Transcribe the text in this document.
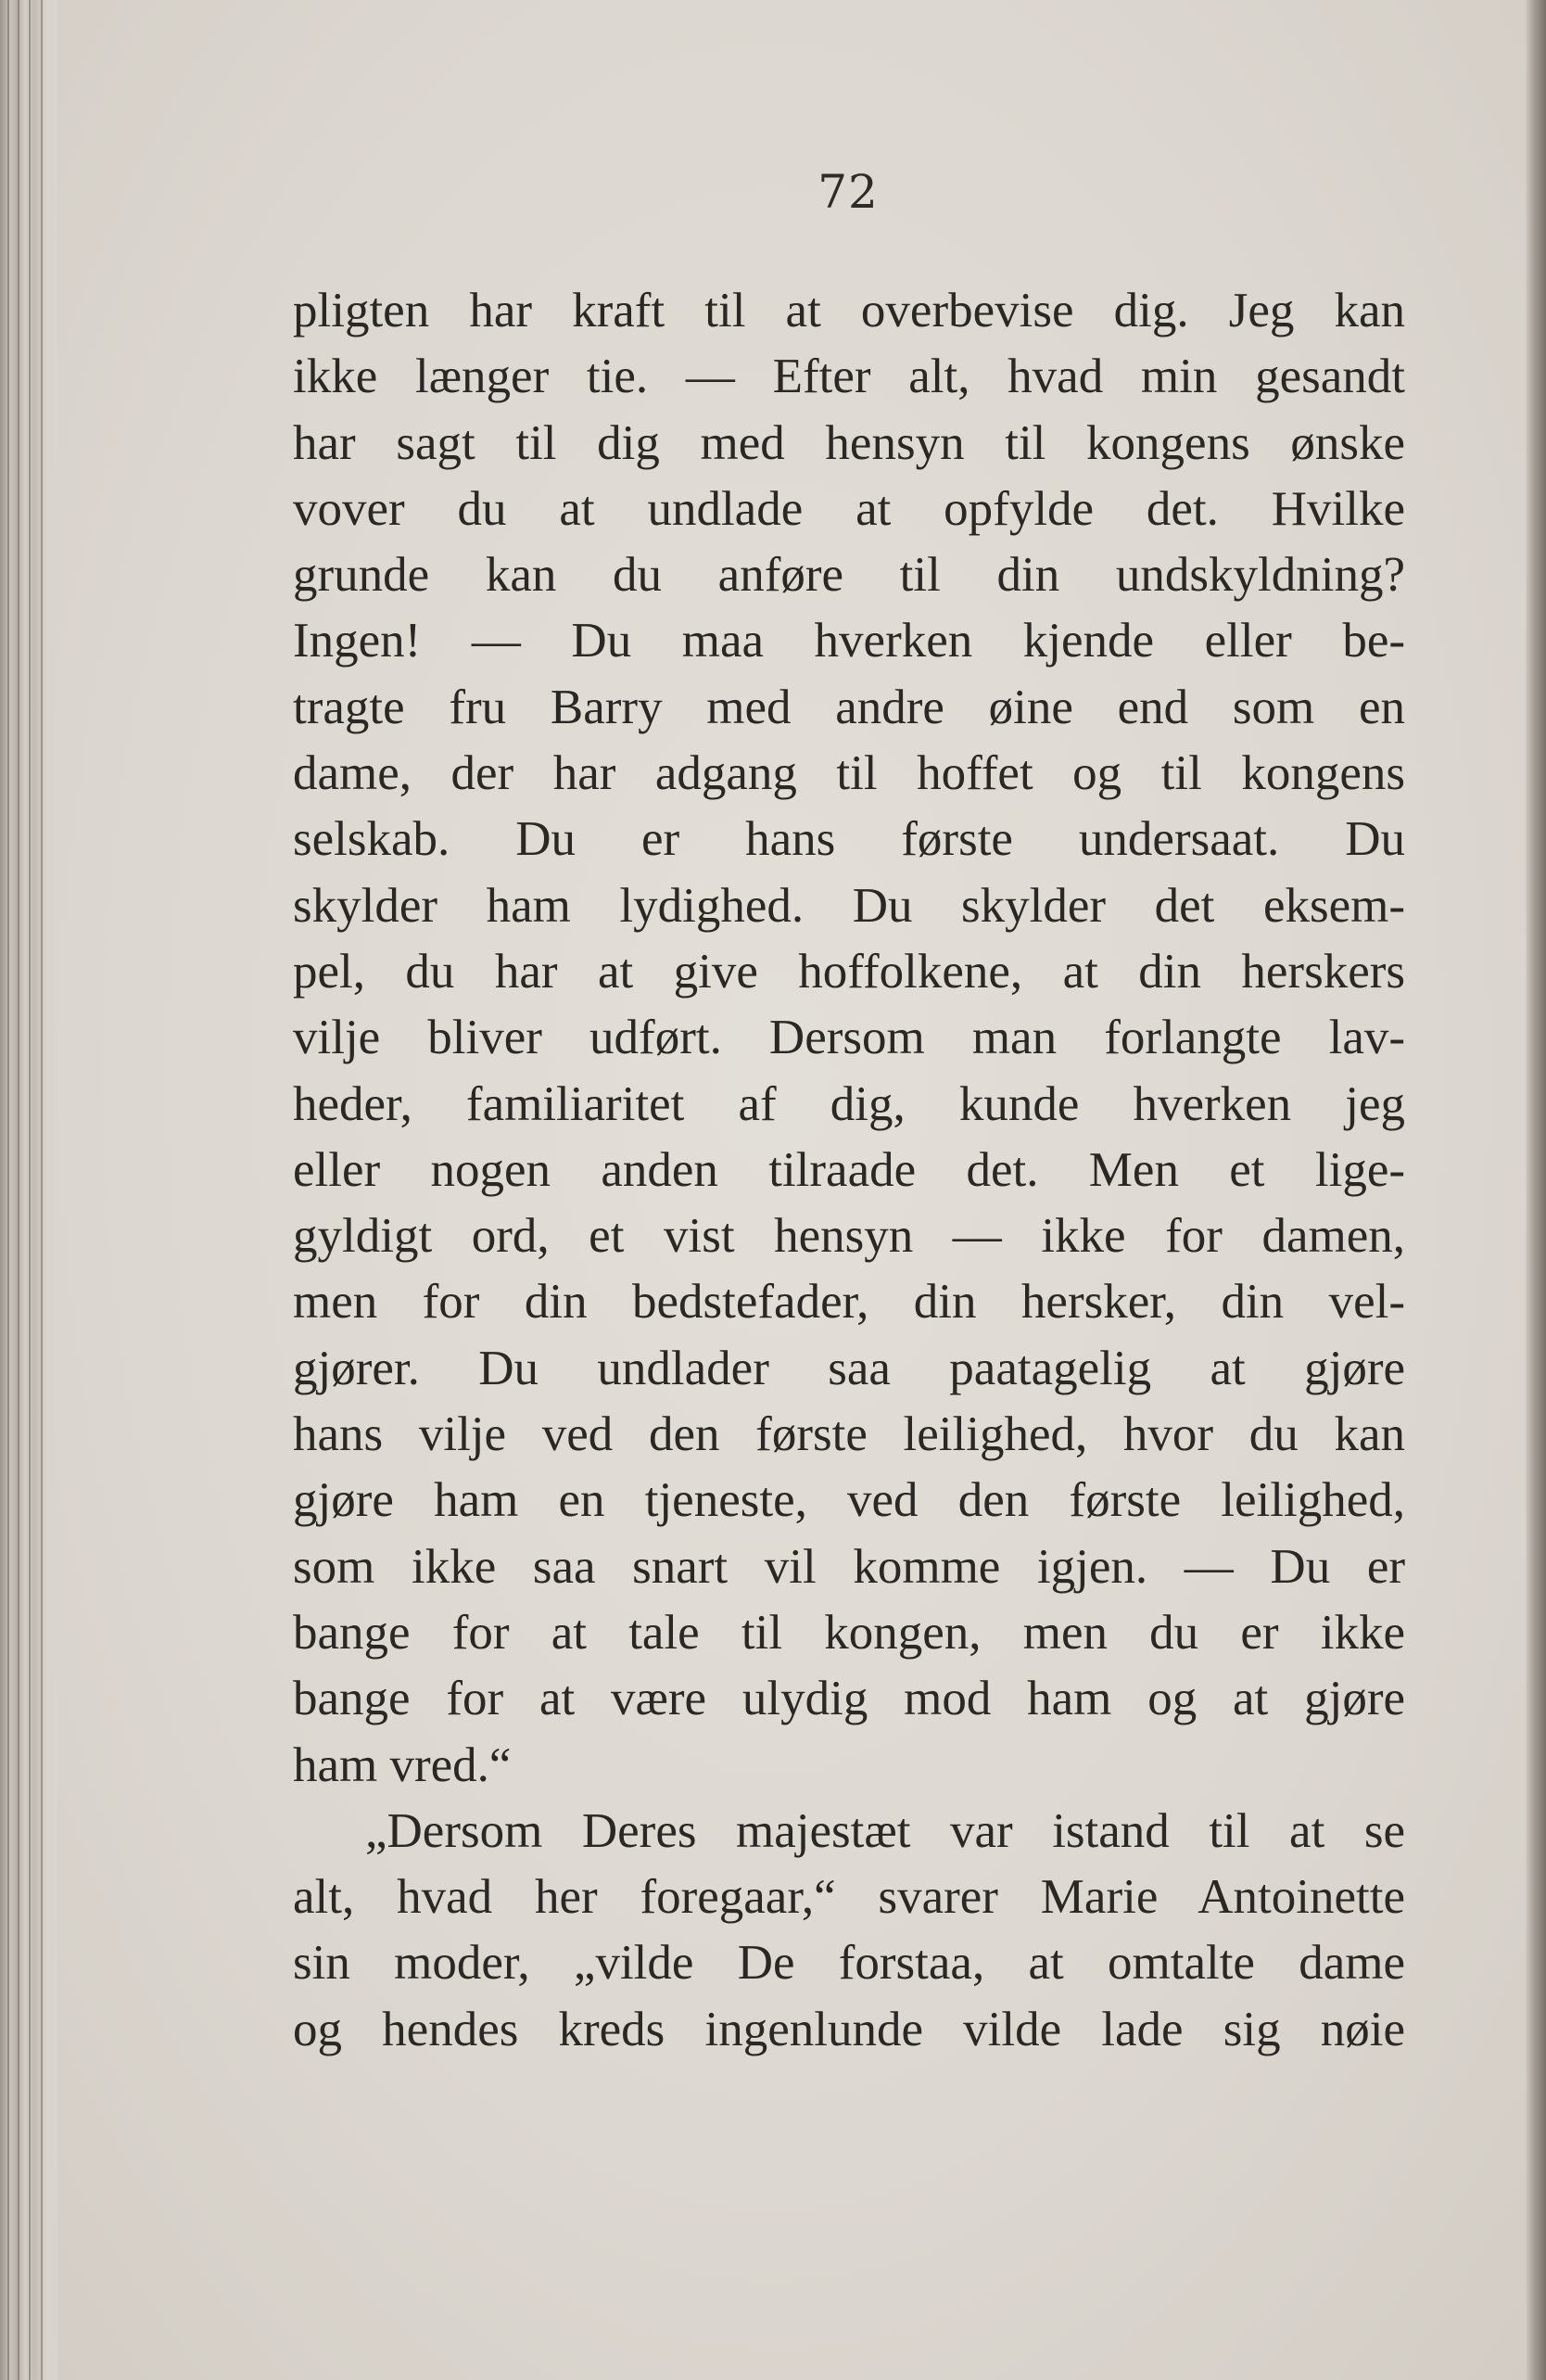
72
pligten har kraft til at overbevise dig. Jeg kan
ikke længer tie. — Efter alt, hvad min gesandt
har sagt til dig med hensyn til kongens ønske
vover du at undlade at opfylde det. Hvilke
grunde kan du anføre til din undskyldning?
Ingen! — Du maa hverken kjende eller be-
tragte fru Barry med andre øine end som en
dame, der har adgang til hoffet og til kongens
selskab. Du er hans første undersaat. Du
skylder ham lydighed. Du skylder det eksem-
pel, du har at give hoffolkene, at din herskers
vilje bliver udført. Dersom man forlangte lav-
heder, familiaritet af dig, kunde hverken jeg
eller nogen anden tilraade det. Men et lige-
gyldigt ord, et vist hensyn — ikke for damen,
men for din bedstefader, din hersker, din vel-
gjører. Du undlader saa paatagelig at gjøre
hans vilje ved den første leilighed, hvor du kan
gjøre ham en tjeneste, ved den første leilighed,
som ikke saa snart vil komme igjen. — Du er
bange for at tale til kongen, men du er ikke
bange for at være ulydig mod ham og at gjøre
ham vred.“
„Dersom Deres majestæt var istand til at se
alt, hvad her foregaar,“ svarer Marie Antoinette
sin moder, „vilde De forstaa, at omtalte dame
og hendes kreds ingenlunde vilde lade sig nøie
